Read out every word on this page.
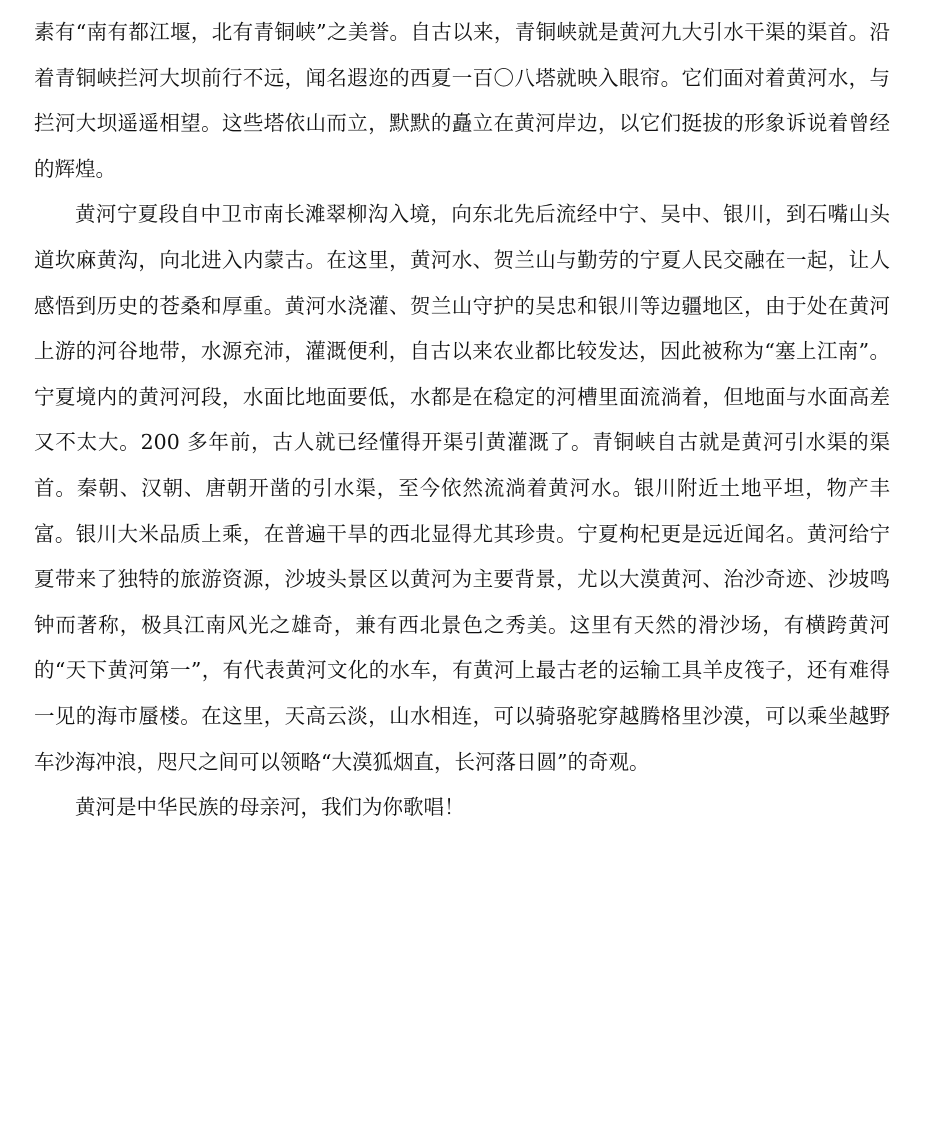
素有“南有都江堰，北有青铜峡”之美誉。自古以来，青铜峡就是黄河九大引水干渠的渠首。沿着青铜峡拦河大坝前行不远，闻名遐迩的西夏一百〇八塔就映入眼帘。它们面对着黄河水，与拦河大坝遥遥相望。这些塔依山而立，默默的矗立在黄河岸边，以它们挺拔的形象诉说着曾经的辉煌。

黄河宁夏段自中卫市南长滩翠柳沟入境，向东北先后流经中宁、吴中、银川，到石嘴山头道坎麻黄沟，向北进入内蒙古。在这里，黄河水、贺兰山与勤劳的宁夏人民交融在一起，让人感悟到历史的苍桑和厚重。黄河水浇灌、贺兰山守护的吴忠和银川等边疆地区，由于处在黄河上游的河谷地带，水源充沛，灌溉便利，自古以来农业都比较发达，因此被称为“塞上江南”。宁夏境内的黄河河段，水面比地面要低，水都是在稳定的河槽里面流淌着，但地面与水面高差又不太大。200 多年前，古人就已经懂得开渠引黄灌溉了。青铜峡自古就是黄河引水渠的渠首。秦朝、汉朝、唐朝开凿的引水渠，至今依然流淌着黄河水。银川附近土地平坦，物产丰富。银川大米品质上乘，在普遍干旱的西北显得尤其珍贵。宁夏枸杞更是远近闻名。黄河给宁夏带来了独特的旅游资源，沙坡头景区以黄河为主要背景，尤以大漠黄河、治沙奇迹、沙坡鸣钟而著称，极具江南风光之雄奇，兼有西北景色之秀美。这里有天然的滑沙场，有横跨黄河的“天下黄河第一”，有代表黄河文化的水车，有黄河上最古老的运输工具羊皮筏子，还有难得一见的海市蜃楼。在这里，天高云淡，山水相连，可以骑骆驼穿越腾格里沙漠，可以乘坐越野车沙海冲浪，咫尺之间可以领略“大漠狐烟直，长河落日圆”的奇观。

黄河是中华民族的母亲河，我们为你歌唱！
